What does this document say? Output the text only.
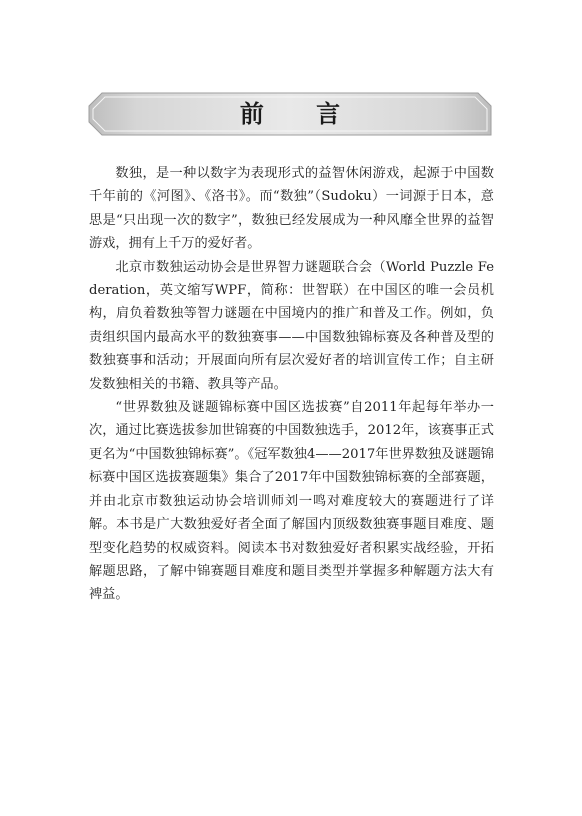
前 言

数独，是一种以数字为表现形式的益智休闲游戏，起源于中国数千年前的《河图》、《洛书》。而“数独”（Sudoku）一词源于日本，意思是“只出现一次的数字”，数独已经发展成为一种风靡全世界的益智游戏，拥有上千万的爱好者。

北京市数独运动协会是世界智力谜题联合会（World Puzzle Federation，英文缩写WPF，简称：世智联）在中国区的唯一会员机构，肩负着数独等智力谜题在中国境内的推广和普及工作。例如，负责组织国内最高水平的数独赛事——中国数独锦标赛及各种普及型的数独赛事和活动；开展面向所有层次爱好者的培训宣传工作；自主研发数独相关的书籍、教具等产品。

“世界数独及谜题锦标赛中国区选拔赛”自2011年起每年举办一次，通过比赛选拔参加世锦赛的中国数独选手，2012年，该赛事正式更名为“中国数独锦标赛”。《冠军数独4——2017年世界数独及谜题锦标赛中国区选拔赛题集》集合了2017年中国数独锦标赛的全部赛题，并由北京市数独运动协会培训师刘一鸣对难度较大的赛题进行了详解。本书是广大数独爱好者全面了解国内顶级数独赛事题目难度、题型变化趋势的权威资料。阅读本书对数独爱好者积累实战经验，开拓解题思路，了解中锦赛题目难度和题目类型并掌握多种解题方法大有裨益。
